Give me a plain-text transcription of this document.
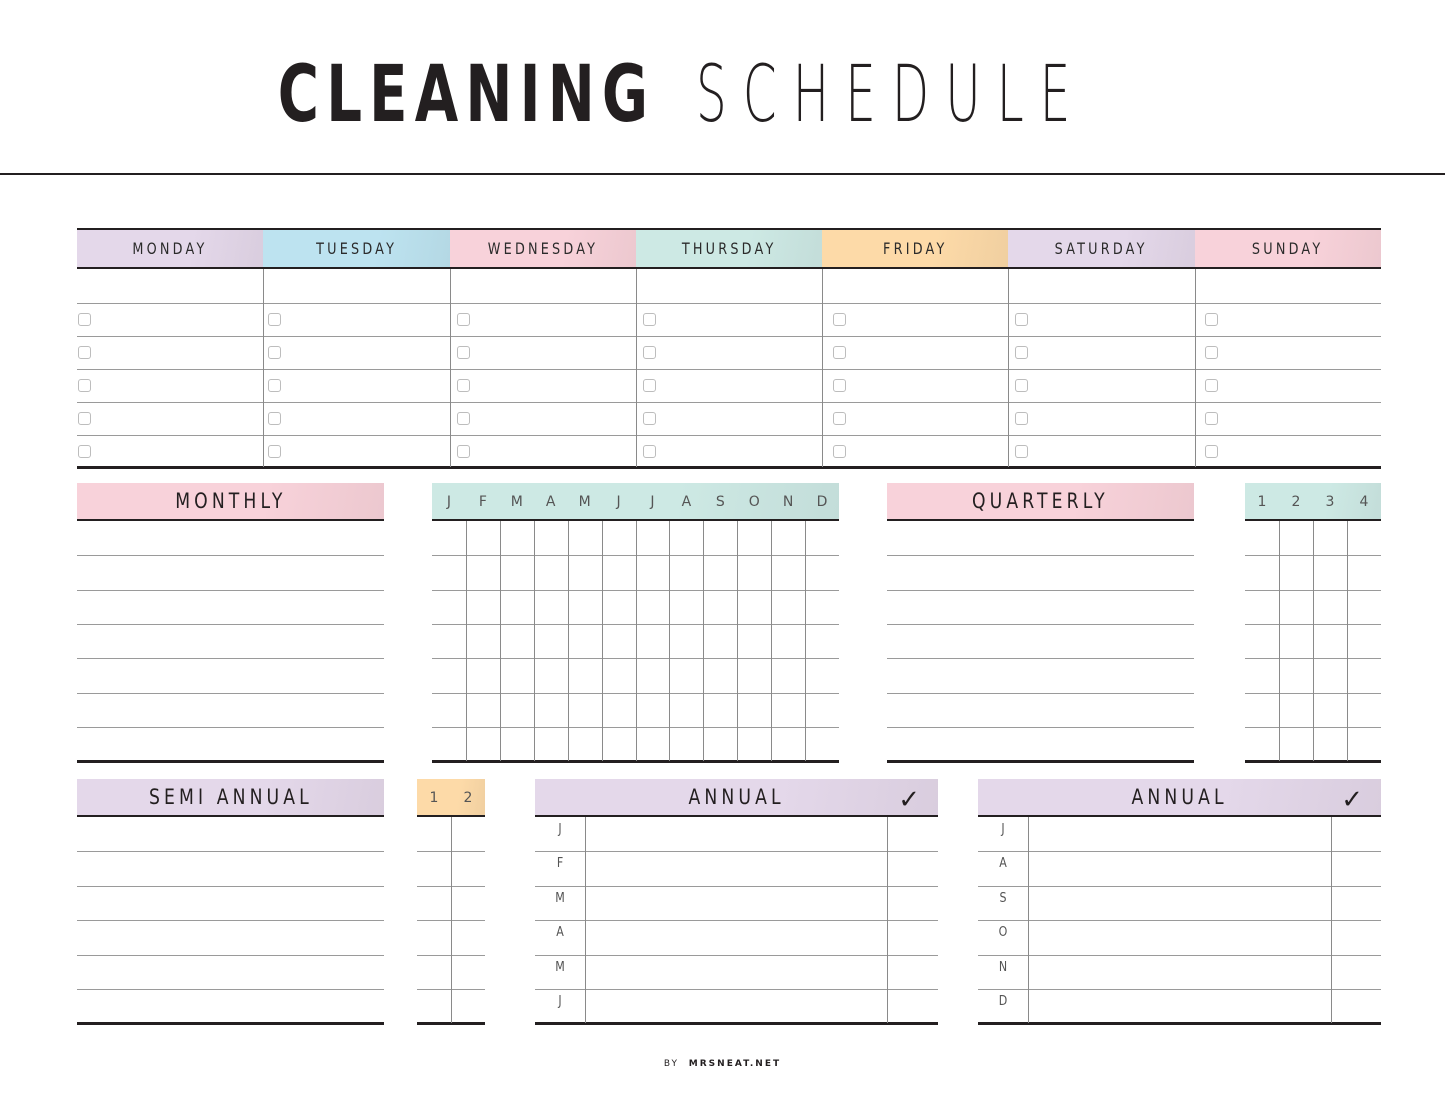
CLEANING SCHEDULE
MONDAY	TUESDAY	WEDNESDAY	THURSDAY	FRIDAY	SATURDAY	SUNDAY
MONTHLY	J	F	M	A	M	J	J	A	S	O	N	D	QUARTERLY	1	2	3	4
SEMI ANNUAL	1	2	ANNUAL	✓
J
F
M
A
M
J
ANNUAL	✓
J
A
S
O
N
D
BY MRSNEAT.NET
